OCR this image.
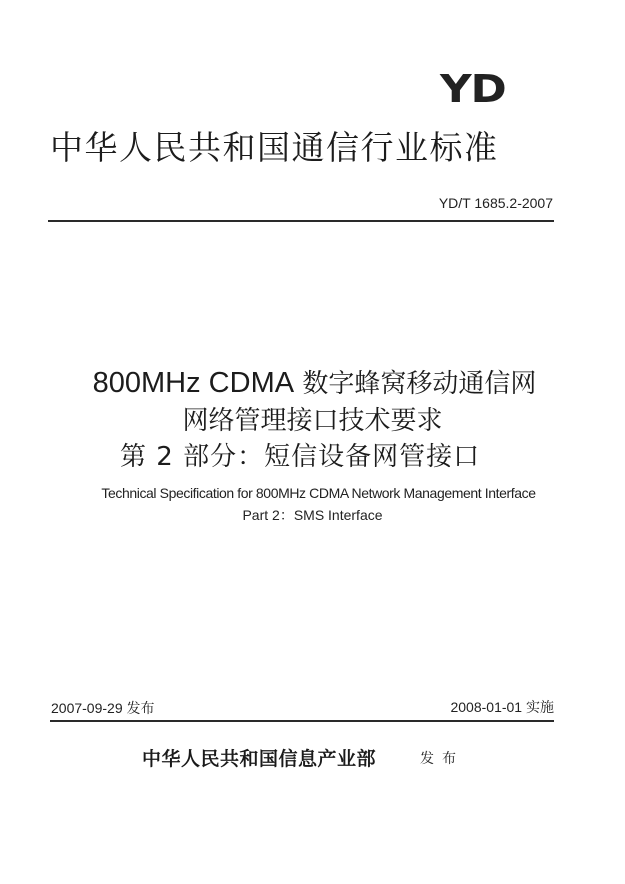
YD
中华人民共和国通信行业标准
YD/T 1685.2-2007
800MHz CDMA 数字蜂窝移动通信网
网络管理接口技术要求
第 2 部分：短信设备网管接口
Technical Specification for 800MHz CDMA Network Management Interface
Part 2：SMS Interface
2007-09-29 发布	2008-01-01 实施
中华人民共和国信息产业部	发布
